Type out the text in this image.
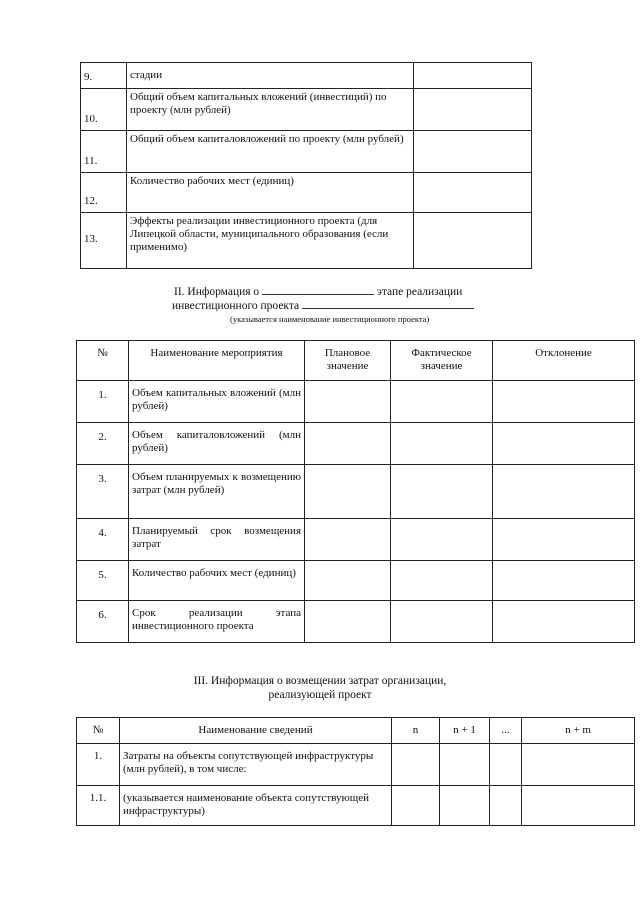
9.	стадии	
10.	Общий объем капитальных вложений (инвестиций) по проекту (млн рублей)	
11.	Общий объем капиталовложений по проекту (млн рублей)	
12.	Количество рабочих мест (единиц)	
13.	Эффекты реализации инвестиционного проекта (для Липецкой области, муниципального образования (если применимо)	
II. Информация о	этапе реализации
инвестиционного проекта
(указывается наименование инвестиционного проекта)
№	Наименование мероприятия	Плановое значение	Фактическое значение	Отклонение
1.	Объем капитальных вложений (млн рублей)			
2.	Объем капиталовложений (млн рублей)			
3.	Объем планируемых к возмещению затрат (млн рублей)			
4.	Планируемый срок возмещения затрат			
5.	Количество рабочих мест (единиц)			
6.	Срок реализации этапа инвестиционного проекта			
III. Информация о возмещении затрат организации,
реализующей проект
№	Наименование сведений	n	n + 1	...	n + m
1.	Затраты на объекты сопутствующей инфраструктуры (млн рублей), в том числе:				
1.1.	(указывается наименование объекта сопутствующей инфраструктуры)				
